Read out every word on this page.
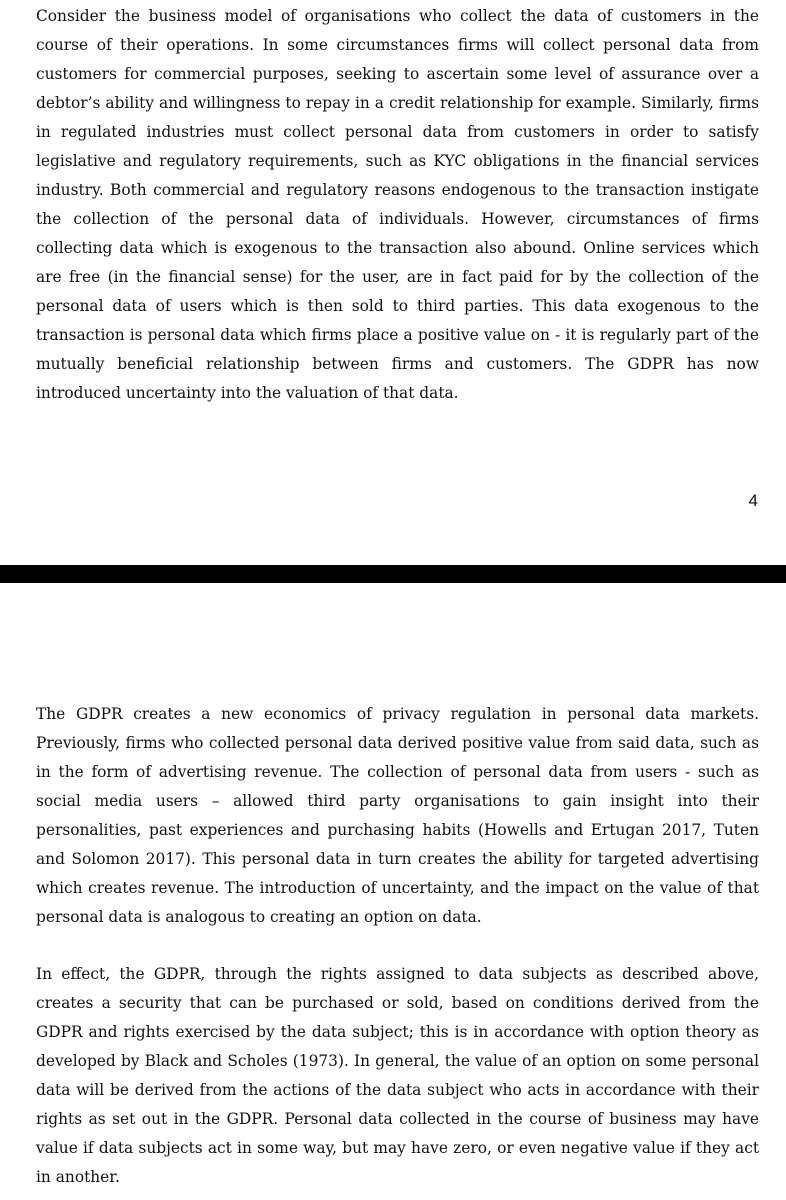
Consider the business model of organisations who collect the data of customers in the course of their operations. In some circumstances firms will collect personal data from customers for commercial purposes, seeking to ascertain some level of assurance over a debtor’s ability and willingness to repay in a credit relationship for example. Similarly, firms in regulated industries must collect personal data from customers in order to satisfy legislative and regulatory requirements, such as KYC obligations in the financial services industry. Both commercial and regulatory reasons endogenous to the transaction instigate the collection of the personal data of individuals. However, circumstances of firms collecting data which is exogenous to the transaction also abound. Online services which are free (in the financial sense) for the user, are in fact paid for by the collection of the personal data of users which is then sold to third parties. This data exogenous to the transaction is personal data which firms place a positive value on - it is regularly part of the mutually beneficial relationship between firms and customers. The GDPR has now introduced uncertainty into the valuation of that data.

4

The GDPR creates a new economics of privacy regulation in personal data markets. Previously, firms who collected personal data derived positive value from said data, such as in the form of advertising revenue. The collection of personal data from users - such as social media users – allowed third party organisations to gain insight into their personalities, past experiences and purchasing habits (Howells and Ertugan 2017, Tuten and Solomon 2017). This personal data in turn creates the ability for targeted advertising which creates revenue. The introduction of uncertainty, and the impact on the value of that personal data is analogous to creating an option on data.

In effect, the GDPR, through the rights assigned to data subjects as described above, creates a security that can be purchased or sold, based on conditions derived from the GDPR and rights exercised by the data subject; this is in accordance with option theory as developed by Black and Scholes (1973). In general, the value of an option on some personal data will be derived from the actions of the data subject who acts in accordance with their rights as set out in the GDPR. Personal data collected in the course of business may have value if data subjects act in some way, but may have zero, or even negative value if they act in another.
